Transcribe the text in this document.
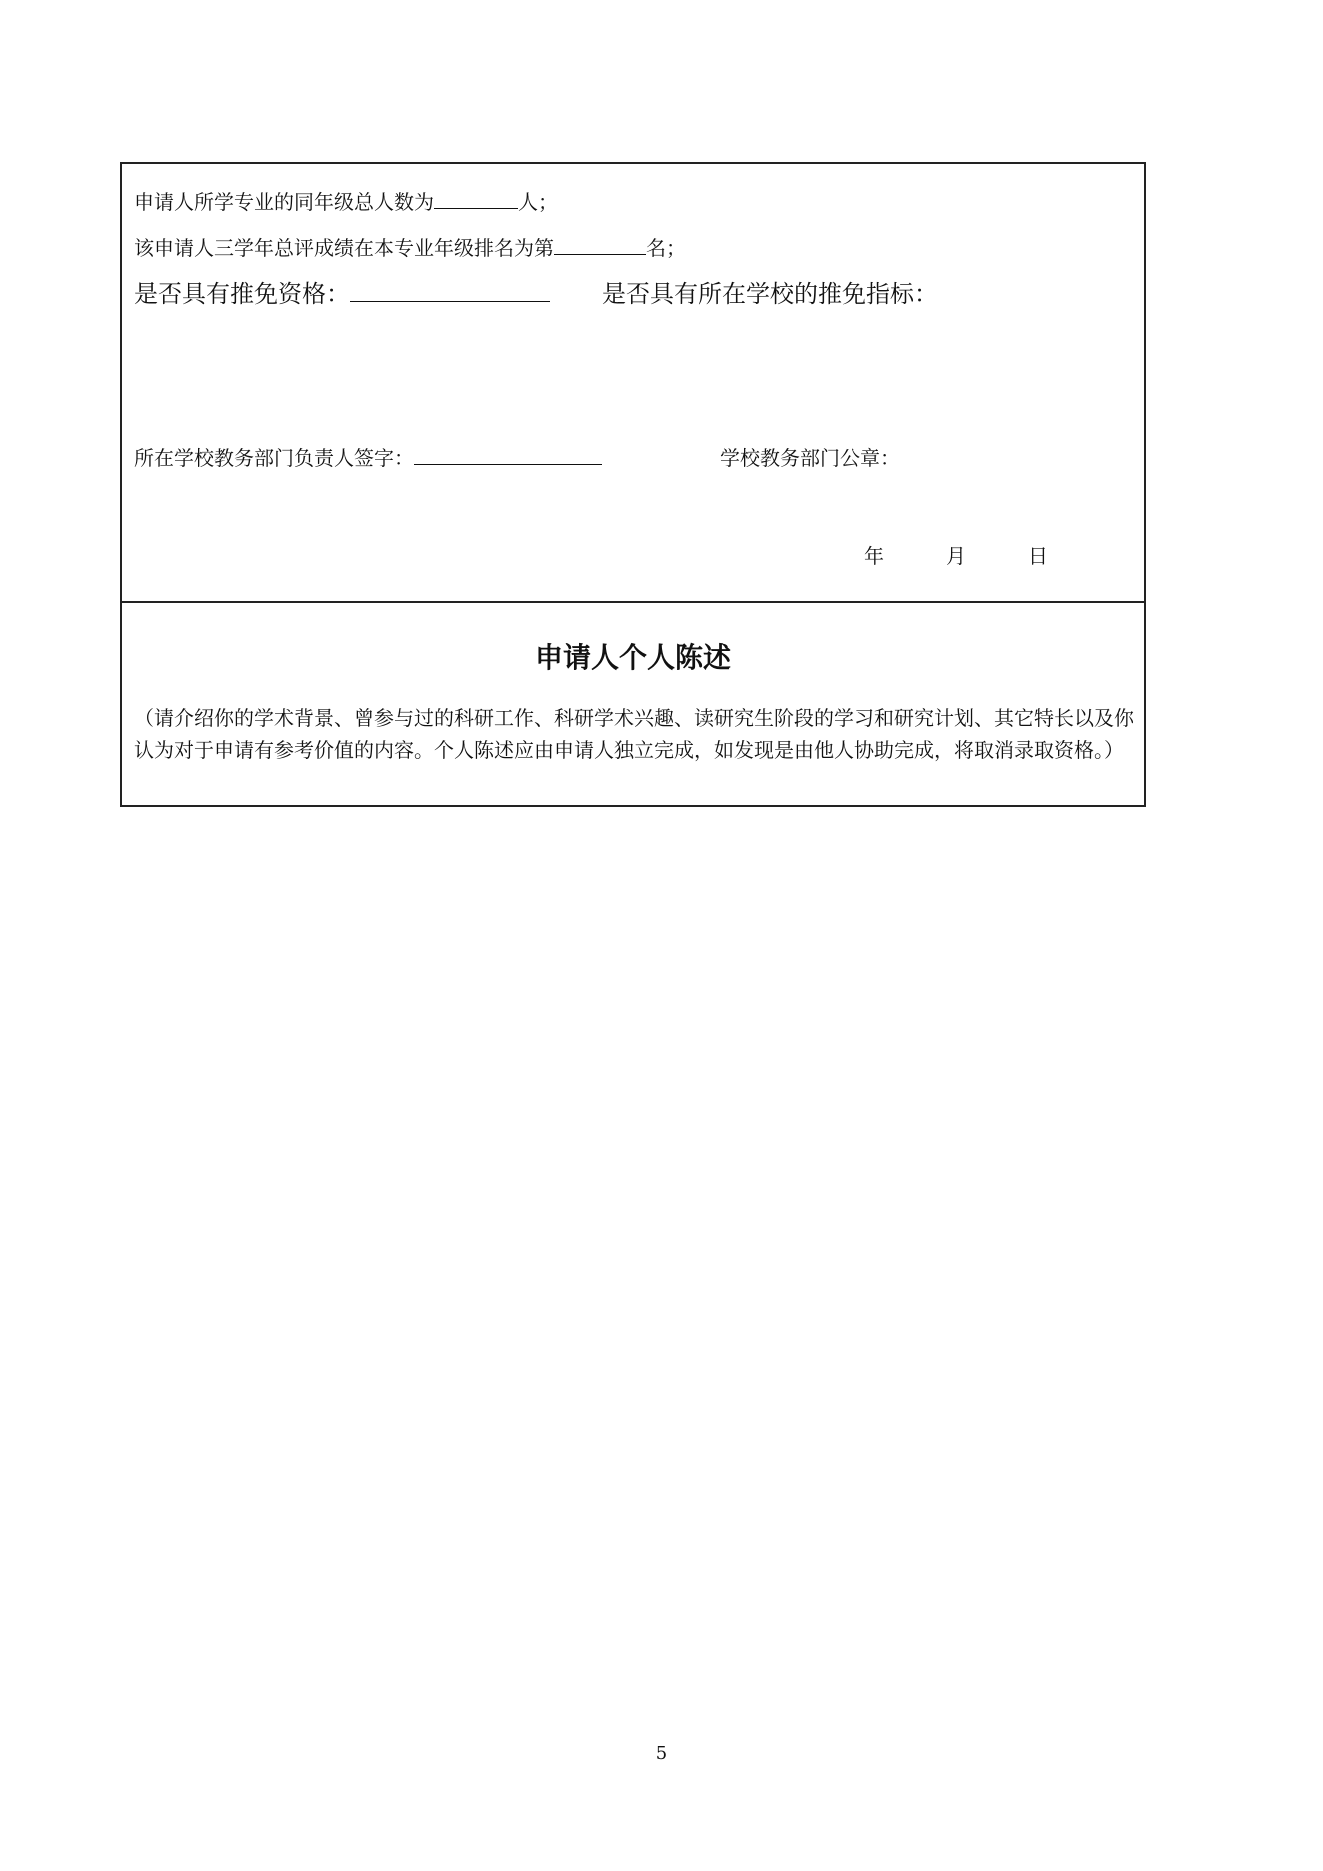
申请人所学专业的同年级总人数为	人；
该申请人三学年总评成绩在本专业年级排名为第	名；
是否具有推免资格：	是否具有所在学校的推免指标：
所在学校教务部门负责人签字：	学校教务部门公章：
年	月	日
申请人个人陈述
（请介绍你的学术背景、曾参与过的科研工作、科研学术兴趣、读研究生阶段的学习和研究计划、其它特长以及你认为对于申请有参考价值的内容。个人陈述应由申请人独立完成，如发现是由他人协助完成，将取消录取资格。）
5
